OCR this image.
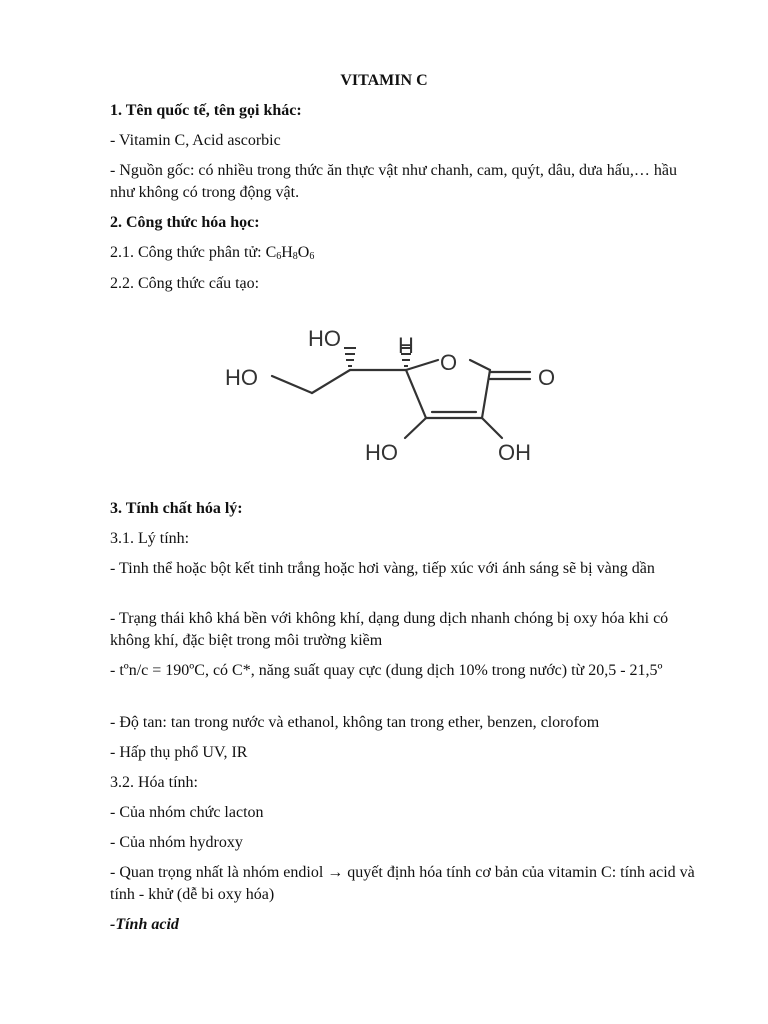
VITAMIN C
1. Tên quốc tế, tên gọi khác:
- Vitamin C, Acid ascorbic
- Nguồn gốc: có nhiều trong thức ăn thực vật như chanh, cam, quýt, dâu, dưa hấu,… hầu như không có trong động vật.
2. Công thức hóa học:
2.1. Công thức phân tử: $C_6H_8O_6$
2.2. Công thức cấu tạo:
HO	H
HO
O
O
HO	OH
3. Tính chất hóa lý:
3.1. Lý tính:
- Tinh thể hoặc bột kết tinh trắng hoặc hơi vàng, tiếp xúc với ánh sáng sẽ bị vàng dần
- Trạng thái khô khá bền với không khí, dạng dung dịch nhanh chóng bị oxy hóa khi có không khí, đặc biệt trong môi trường kiềm
- tºn/c = 190ºC, có C*, năng suất quay cực (dung dịch 10% trong nước) từ 20,5 - 21,5º
- Độ tan: tan trong nước và ethanol, không tan trong ether, benzen, clorofom
- Hấp thụ phổ UV, IR
3.2. Hóa tính:
- Của nhóm chức lacton
- Của nhóm hydroxy
- Quan trọng nhất là nhóm endiol → quyết định hóa tính cơ bản của vitamin C: tính acid và tính - khử (dễ bi oxy hóa)
-Tính acid
